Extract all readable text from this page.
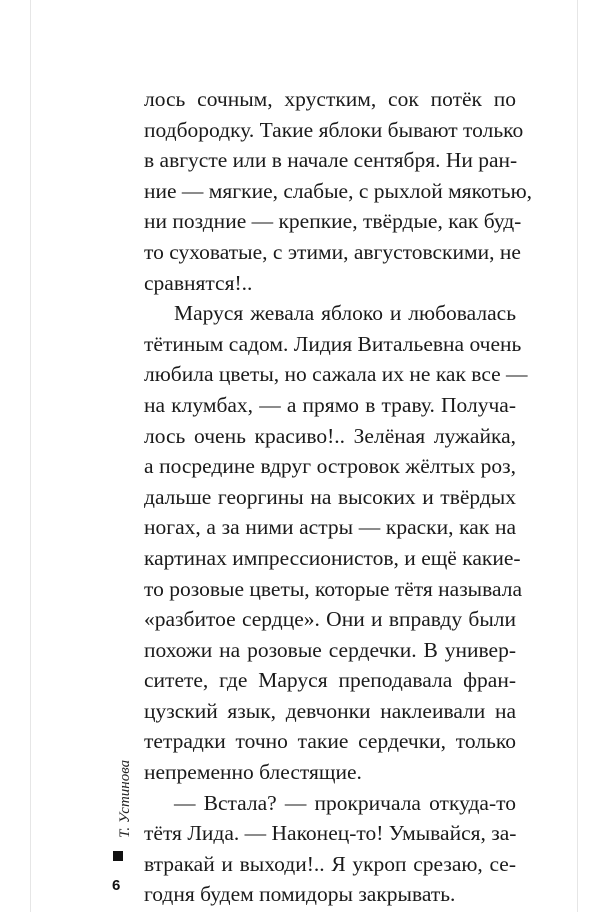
лось сочным, хрустким, сок потёк по
подбородку. Такие яблоки бывают только
в августе или в начале сентября. Ни ран-
ние — мягкие, слабые, с рыхлой мякотью,
ни поздние — крепкие, твёрдые, как буд-
то суховатые, с этими, августовскими, не
сравнятся!..
Маруся жевала яблоко и любовалась
тётиным садом. Лидия Витальевна очень
любила цветы, но сажала их не как все —
на клумбах, — а прямо в траву. Получа-
лось очень красиво!.. Зелёная лужайка,
а посредине вдруг островок жёлтых роз,
дальше георгины на высоких и твёрдых
ногах, а за ними астры — краски, как на
картинах импрессионистов, и ещё какие-
то розовые цветы, которые тётя называла
«разбитое сердце». Они и вправду были
похожи на розовые сердечки. В универ-
ситете, где Маруся преподавала фран-
цузский язык, девчонки наклеивали на
тетрадки точно такие сердечки, только
непременно блестящие.
— Встала? — прокричала откуда-то
тётя Лида. — Наконец-то! Умывайся, за-
втракай и выходи!.. Я укроп срезаю, се-
годня будем помидоры закрывать.
Т. Устинова
6
